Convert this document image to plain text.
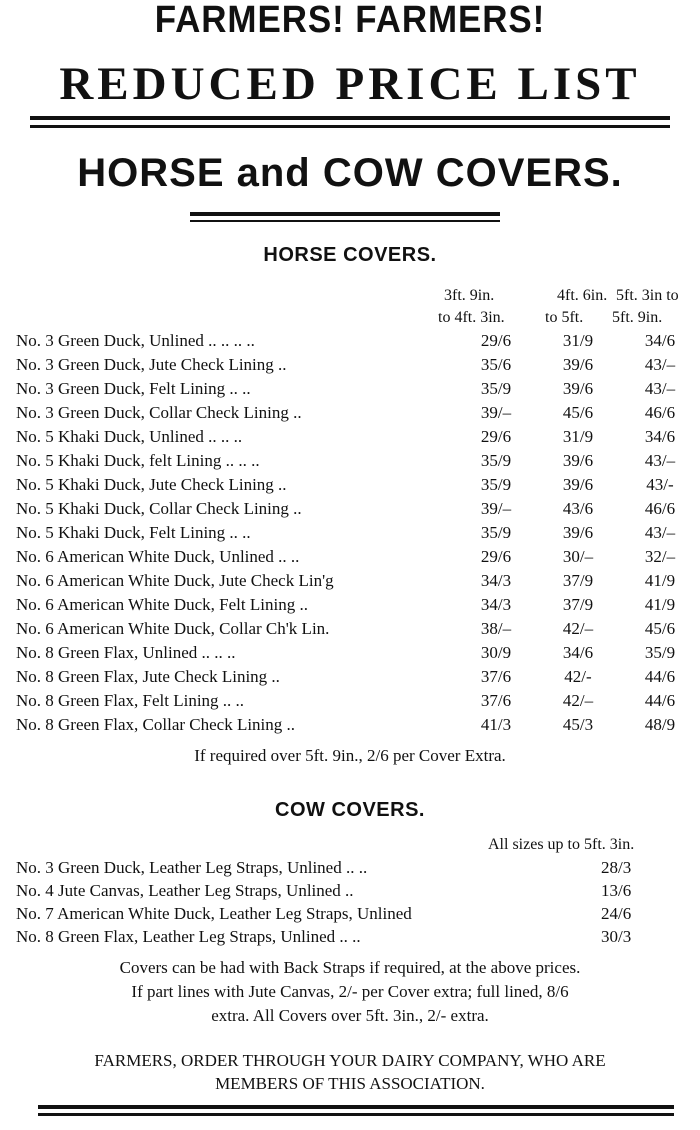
FARMERS! FARMERS!
REDUCED PRICE LIST
HORSE and COW COVERS.
HORSE COVERS.
3ft. 9in.
to 4ft. 3in.
4ft. 6in.
to 5ft.
5ft. 3in to
5ft. 9in.
No. 3 Green Duck, Unlined .. .. .. ..	29/6	31/9	34/6
No. 3 Green Duck, Jute Check Lining ..	35/6	39/6	43/–
No. 3 Green Duck, Felt Lining .. ..	35/9	39/6	43/–
No. 3 Green Duck, Collar Check Lining ..	39/–	45/6	46/6
No. 5 Khaki Duck, Unlined .. .. ..	29/6	31/9	34/6
No. 5 Khaki Duck, felt Lining .. .. ..	35/9	39/6	43/–
No. 5 Khaki Duck, Jute Check Lining ..	35/9	39/6	43/-
No. 5 Khaki Duck, Collar Check Lining ..	39/–	43/6	46/6
No. 5 Khaki Duck, Felt Lining .. ..	35/9	39/6	43/–
No. 6 American White Duck, Unlined .. ..	29/6	30/–	32/–
No. 6 American White Duck, Jute Check Lin'g	34/3	37/9	41/9
No. 6 American White Duck, Felt Lining ..	34/3	37/9	41/9
No. 6 American White Duck, Collar Ch'k Lin.	38/–	42/–	45/6
No. 8 Green Flax, Unlined .. .. ..	30/9	34/6	35/9
No. 8 Green Flax, Jute Check Lining ..	37/6	42/-	44/6
No. 8 Green Flax, Felt Lining .. ..	37/6	42/–	44/6
No. 8 Green Flax, Collar Check Lining ..	41/3	45/3	48/9
If required over 5ft. 9in., 2/6 per Cover Extra.
COW COVERS.
All sizes up to 5ft. 3in.
No. 3 Green Duck, Leather Leg Straps, Unlined .. ..	28/3
No. 4 Jute Canvas, Leather Leg Straps, Unlined ..	13/6
No. 7 American White Duck, Leather Leg Straps, Unlined	24/6
No. 8 Green Flax, Leather Leg Straps, Unlined .. ..	30/3
Covers can be had with Back Straps if required, at the above prices.
If part lines with Jute Canvas, 2/- per Cover extra; full lined, 8/6
extra. All Covers over 5ft. 3in., 2/- extra.
FARMERS, ORDER THROUGH YOUR DAIRY COMPANY, WHO ARE
MEMBERS OF THIS ASSOCIATION.
